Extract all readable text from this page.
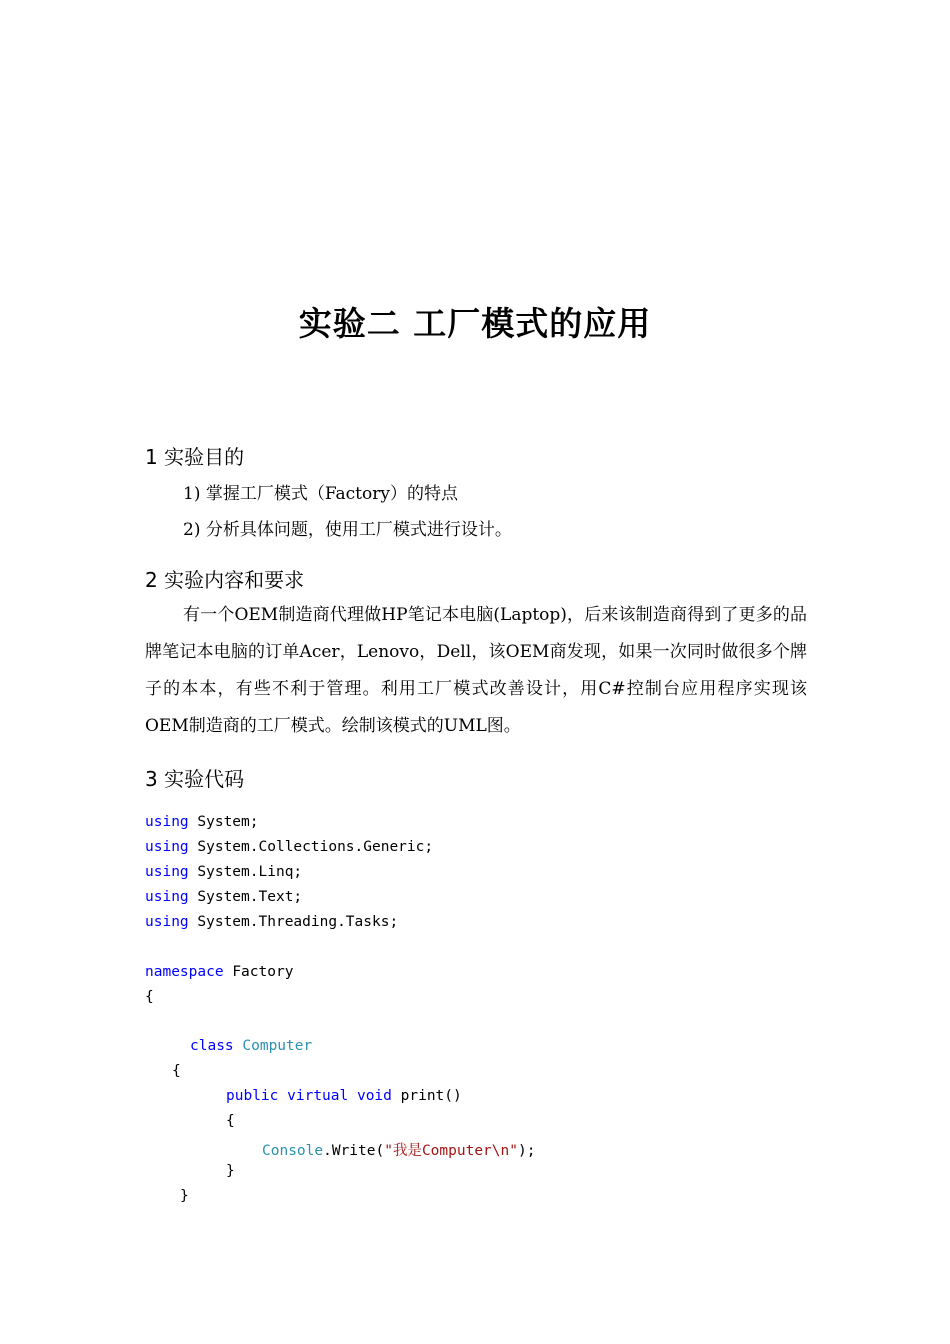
实验二 工厂模式的应用
1 实验目的
1) 掌握工厂模式（Factory）的特点
2) 分析具体问题，使用工厂模式进行设计。
2 实验内容和要求
有一个OEM制造商代理做HP笔记本电脑(Laptop)，后来该制造商得到了更多的品牌笔记本电脑的订单Acer，Lenovo，Dell，该OEM商发现，如果一次同时做很多个牌子的本本，有些不利于管理。利用工厂模式改善设计，用C#控制台应用程序实现该OEM制造商的工厂模式。绘制该模式的UML图。
3 实验代码
using System;
using System.Collections.Generic;
using System.Linq;
using System.Text;
using System.Threading.Tasks;
namespace Factory
{
class Computer
{
public virtual void print()
{
Console.Write("我是Computer\n");
}
}
